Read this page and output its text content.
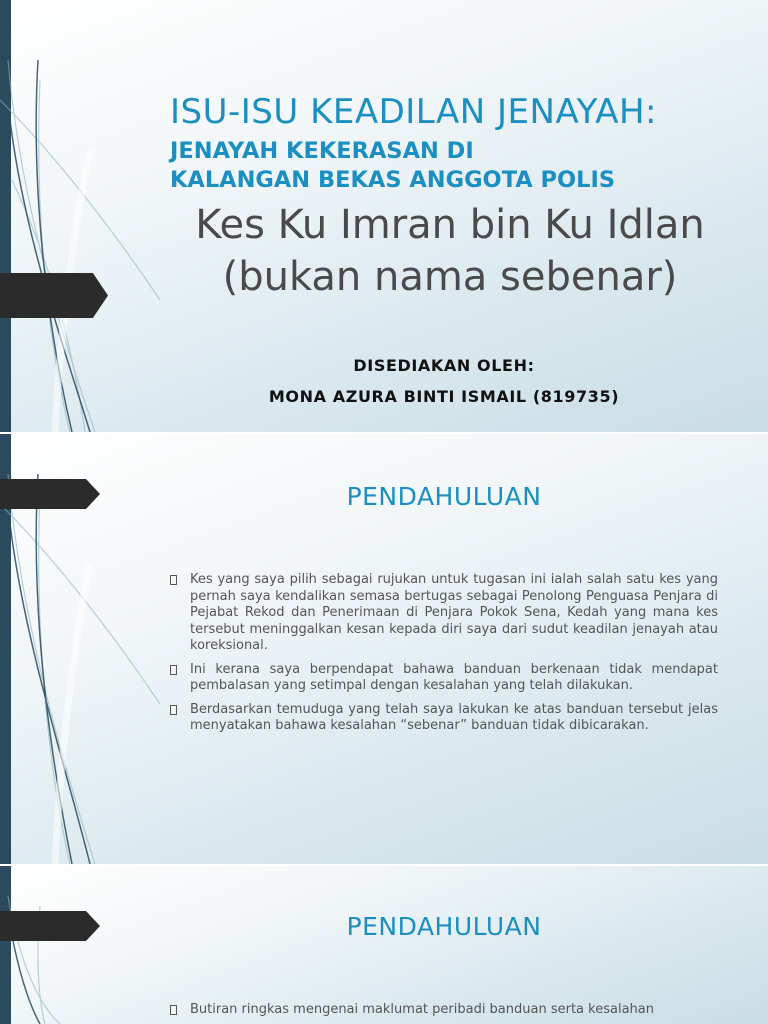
ISU-ISU KEADILAN JENAYAH:
JENAYAH KEKERASAN DI
KALANGAN BEKAS ANGGOTA POLIS
Kes Ku Imran bin Ku Idlan
(bukan nama sebenar)
DISEDIAKAN OLEH:
MONA AZURA BINTI ISMAIL (819735)
PENDAHULUAN
Kes yang saya pilih sebagai rujukan untuk tugasan ini ialah salah satu kes yang pernah saya kendalikan semasa bertugas sebagai Penolong Penguasa Penjara di Pejabat Rekod dan Penerimaan di Penjara Pokok Sena, Kedah yang mana kes tersebut meninggalkan kesan kepada diri saya dari sudut keadilan jenayah atau koreksional.
Ini kerana saya berpendapat bahawa banduan berkenaan tidak mendapat pembalasan yang setimpal dengan kesalahan yang telah dilakukan.
Berdasarkan temuduga yang telah saya lakukan ke atas banduan tersebut jelas menyatakan bahawa kesalahan “sebenar” banduan tidak dibicarakan.
PENDAHULUAN
Butiran ringkas mengenai maklumat peribadi banduan serta kesalahan
